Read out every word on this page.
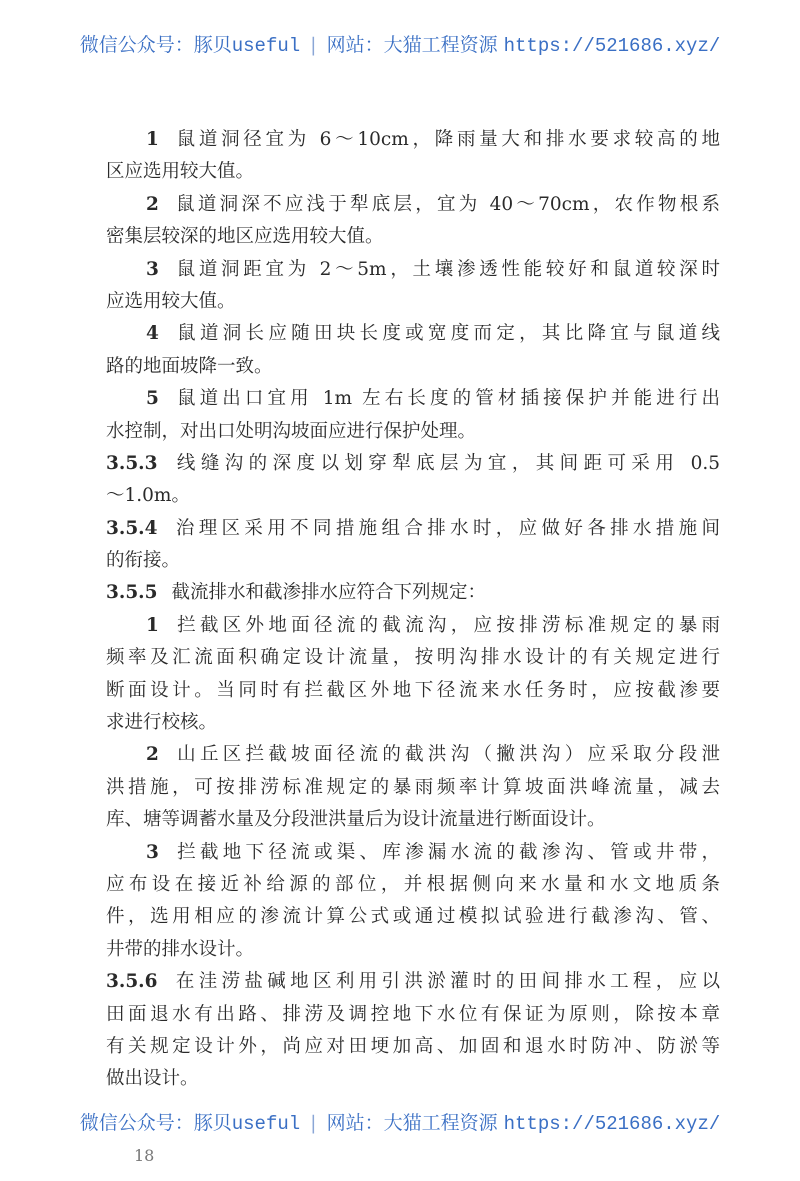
微信公众号：豚贝useful | 网站：大猫工程资源 https://521686.xyz/
1 鼠道洞径宜为 6～10cm，降雨量大和排水要求较高的地
区应选用较大值。
2 鼠道洞深不应浅于犁底层，宜为 40～70cm，农作物根系
密集层较深的地区应选用较大值。
3 鼠道洞距宜为 2～5m，土壤渗透性能较好和鼠道较深时
应选用较大值。
4 鼠道洞长应随田块长度或宽度而定，其比降宜与鼠道线
路的地面坡降一致。
5 鼠道出口宜用 1m 左右长度的管材插接保护并能进行出
水控制，对出口处明沟坡面应进行保护处理。
3.5.3 线缝沟的深度以划穿犁底层为宜，其间距可采用 0.5
～1.0m。
3.5.4 治理区采用不同措施组合排水时，应做好各排水措施间
的衔接。
3.5.5 截流排水和截渗排水应符合下列规定：
1 拦截区外地面径流的截流沟，应按排涝标准规定的暴雨
频率及汇流面积确定设计流量，按明沟排水设计的有关规定进行
断面设计。当同时有拦截区外地下径流来水任务时，应按截渗要
求进行校核。
2 山丘区拦截坡面径流的截洪沟（撇洪沟）应采取分段泄
洪措施，可按排涝标准规定的暴雨频率计算坡面洪峰流量，减去
库、塘等调蓄水量及分段泄洪量后为设计流量进行断面设计。
3 拦截地下径流或渠、库渗漏水流的截渗沟、管或井带，
应布设在接近补给源的部位，并根据侧向来水量和水文地质条
件，选用相应的渗流计算公式或通过模拟试验进行截渗沟、管、
井带的排水设计。
3.5.6 在洼涝盐碱地区利用引洪淤灌时的田间排水工程，应以
田面退水有出路、排涝及调控地下水位有保证为原则，除按本章
有关规定设计外，尚应对田埂加高、加固和退水时防冲、防淤等
做出设计。
微信公众号：豚贝useful | 网站：大猫工程资源 https://521686.xyz/
18
